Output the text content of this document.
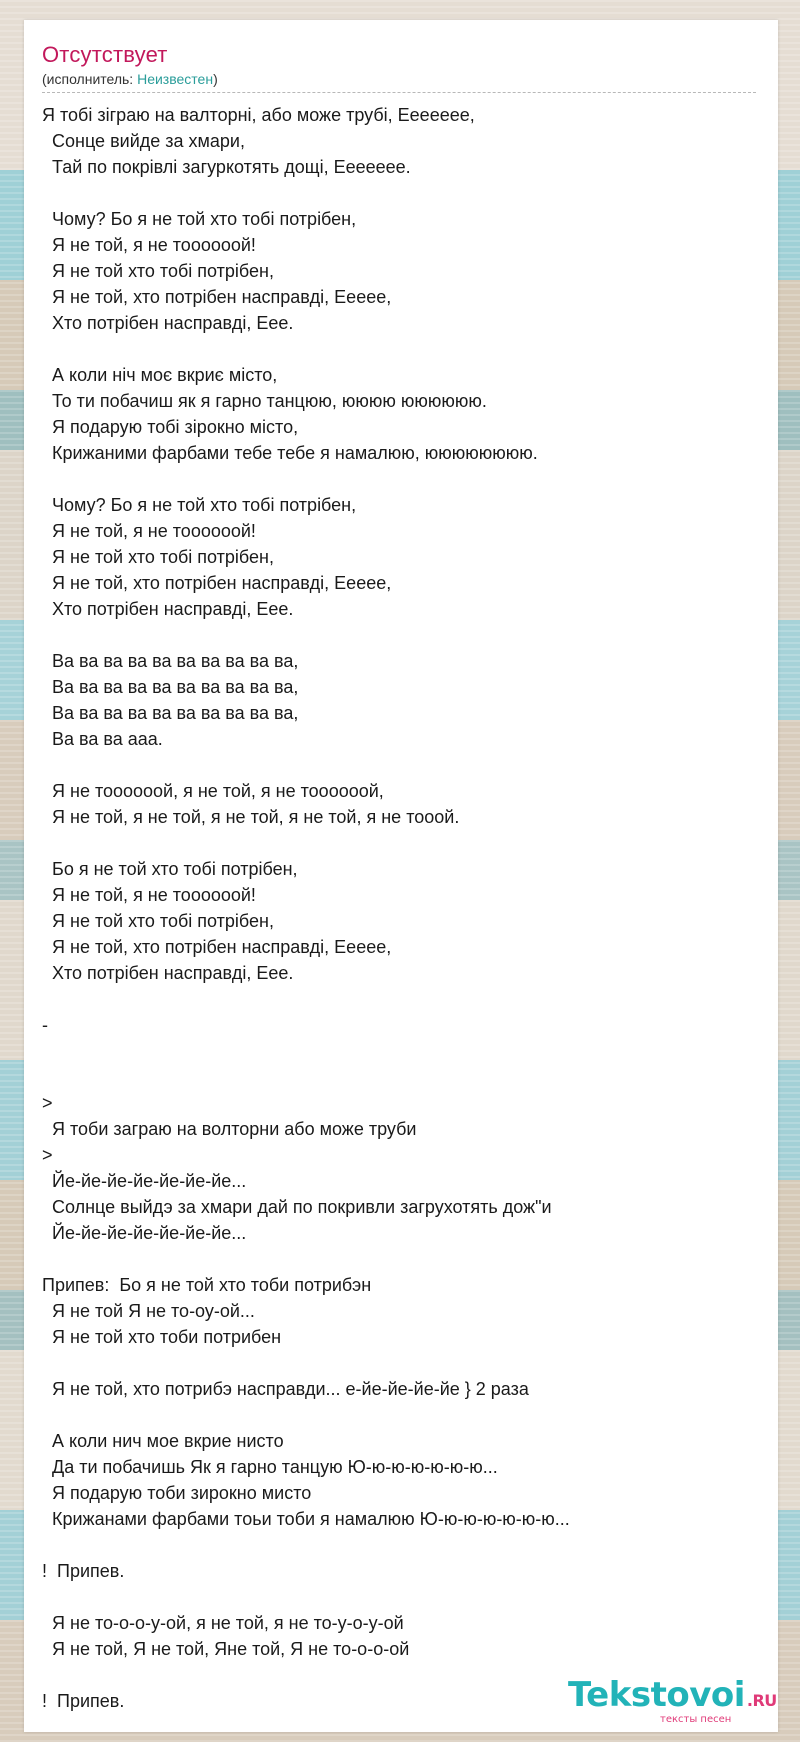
Отсутствует
(исполнитель: Неизвестен)
Я тобі зіграю на валторні, або може трубі, Еееееее,
Сонце вийде за хмари,
Тай по покрівлі загуркотять дощі, Еееееее.

Чому? Бо я не той хто тобі потрібен,
Я не той, я не тоооооой!
Я не той хто тобі потрібен,
Я не той, хто потрібен насправді, Еееее,
Хто потрібен насправді, Еее.

А коли ніч моє вкриє місто,
То ти побачиш як я гарно танцюю, юююю юююююю.
Я подарую тобі зірокно місто,
Крижаними фарбами тебе тебе я намалюю, юююююююю.

Чому? Бо я не той хто тобі потрібен,
Я не той, я не тоооооой!
Я не той хто тобі потрібен,
Я не той, хто потрібен насправді, Еееее,
Хто потрібен насправді, Еее.

Ва ва ва ва ва ва ва ва ва ва,
Ва ва ва ва ва ва ва ва ва ва,
Ва ва ва ва ва ва ва ва ва ва,
Ва ва ва ааа.

Я не тоооооой, я не той, я не тоооооой,
Я не той, я не той, я не той, я не той, я не тооой.

Бо я не той хто тобі потрібен,
Я не той, я не тоооооой!
Я не той хто тобі потрібен,
Я не той, хто потрібен насправді, Еееее,
Хто потрібен насправді, Еее.

-

>
Я тоби заграю на волторни або може труби
>
Йе-йе-йе-йе-йе-йе-йе...
Солнце выйдэ за хмари дай по покривли загрухотять дож"и
Йе-йе-йе-йе-йе-йе-йе...

Припев:  Бо я не той хто тоби потрибэн
Я не той Я не то-оу-ой...
Я не той хто тоби потрибен

Я не той, хто потрибэ насправди... е-йе-йе-йе-йе } 2 раза

А коли нич мое вкрие нисто
Да ти побачишь Як я гарно танцую Ю-ю-ю-ю-ю-ю-ю...
Я подарую тоби зирокно мисто
Крижанами фарбами тоьи тоби я намалюю Ю-ю-ю-ю-ю-ю-ю...

!  Припев.

Я не то-о-о-у-ой, я не той, я не то-у-о-у-ой
Я не той, Я не той, Яне той, Я не то-о-о-ой

!  Припев.	Tekstovoi .RU
тексты песен
